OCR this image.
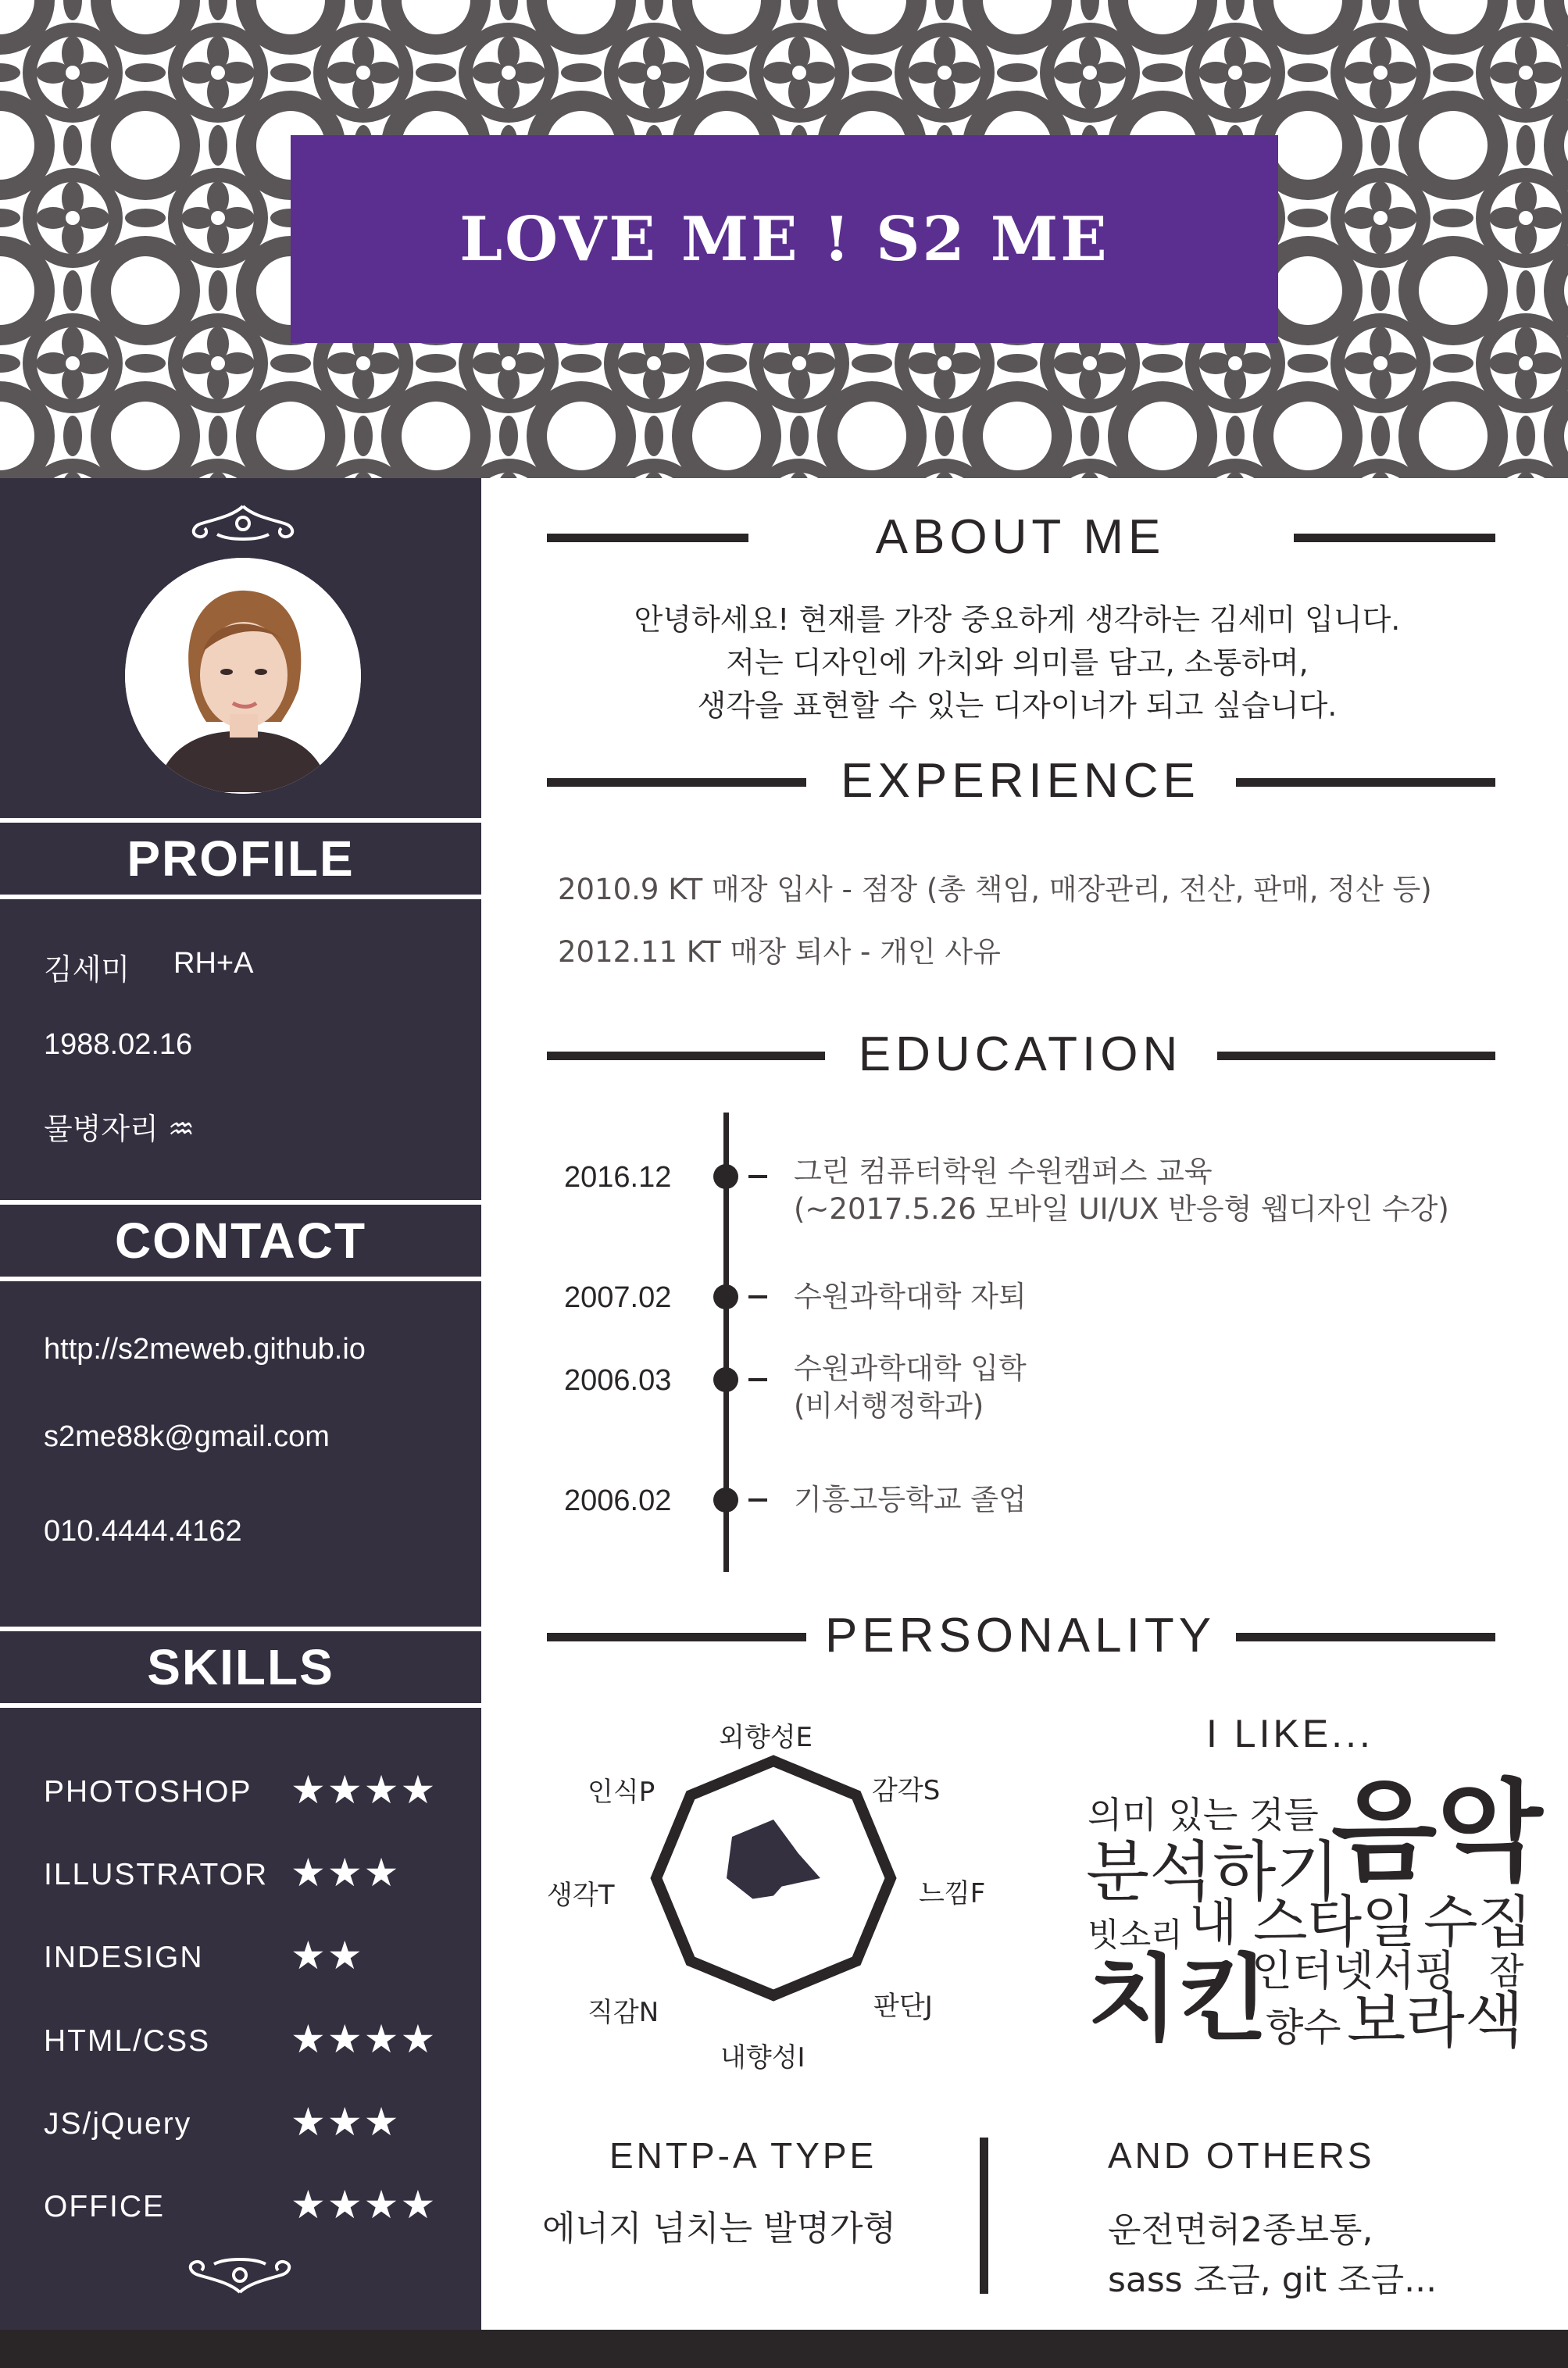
LOVE ME ! S2 ME
PROFILE
김세미 RH+A
1988.02.16
물병자리 ♒
CONTACT
http://s2meweb.github.io
s2me88k@gmail.com
010.4444.4162
SKILLS
PHOTOSHOP ★★★★
ILLUSTRATOR ★★★
INDESIGN ★★
HTML/CSS ★★★★
JS/jQuery	★★★
OFFICE	★★★★
ABOUT ME
안녕하세요! 현재를 가장 중요하게 생각하는 김세미 입니다.
저는 디자인에 가치와 의미를 담고, 소통하며,
생각을 표현할 수 있는 디자이너가 되고 싶습니다.
EXPERIENCE
2010.9 KT 매장 입사 - 점장 (총 책임, 매장관리, 전산, 판매, 정산 등)
2012.11 KT 매장 퇴사 - 개인 사유
EDUCATION
2016.12	그린 컴퓨터학원 수원캠퍼스 교육
(~2017.5.26 모바일 UI/UX 반응형 웹디자인 수강)
2007.02	수원과학대학 자퇴
2006.03	수원과학대학 입학
(비서행정학과)
2006.02	기흥고등학교 졸업
PERSONALITY
외향성E
감각S
느낌F
판단J
내향성I
직감N
생각T
인식P
I LIKE...
의미 있는 것들 음악
분석하기
빗소리 내 스타일 수집
치킨
인터넷서핑 잠
향수 보라색
ENTP-A TYPE
에너지 넘치는 발명가형
AND OTHERS
운전면허2종보통,
sass 조금, git 조금...
